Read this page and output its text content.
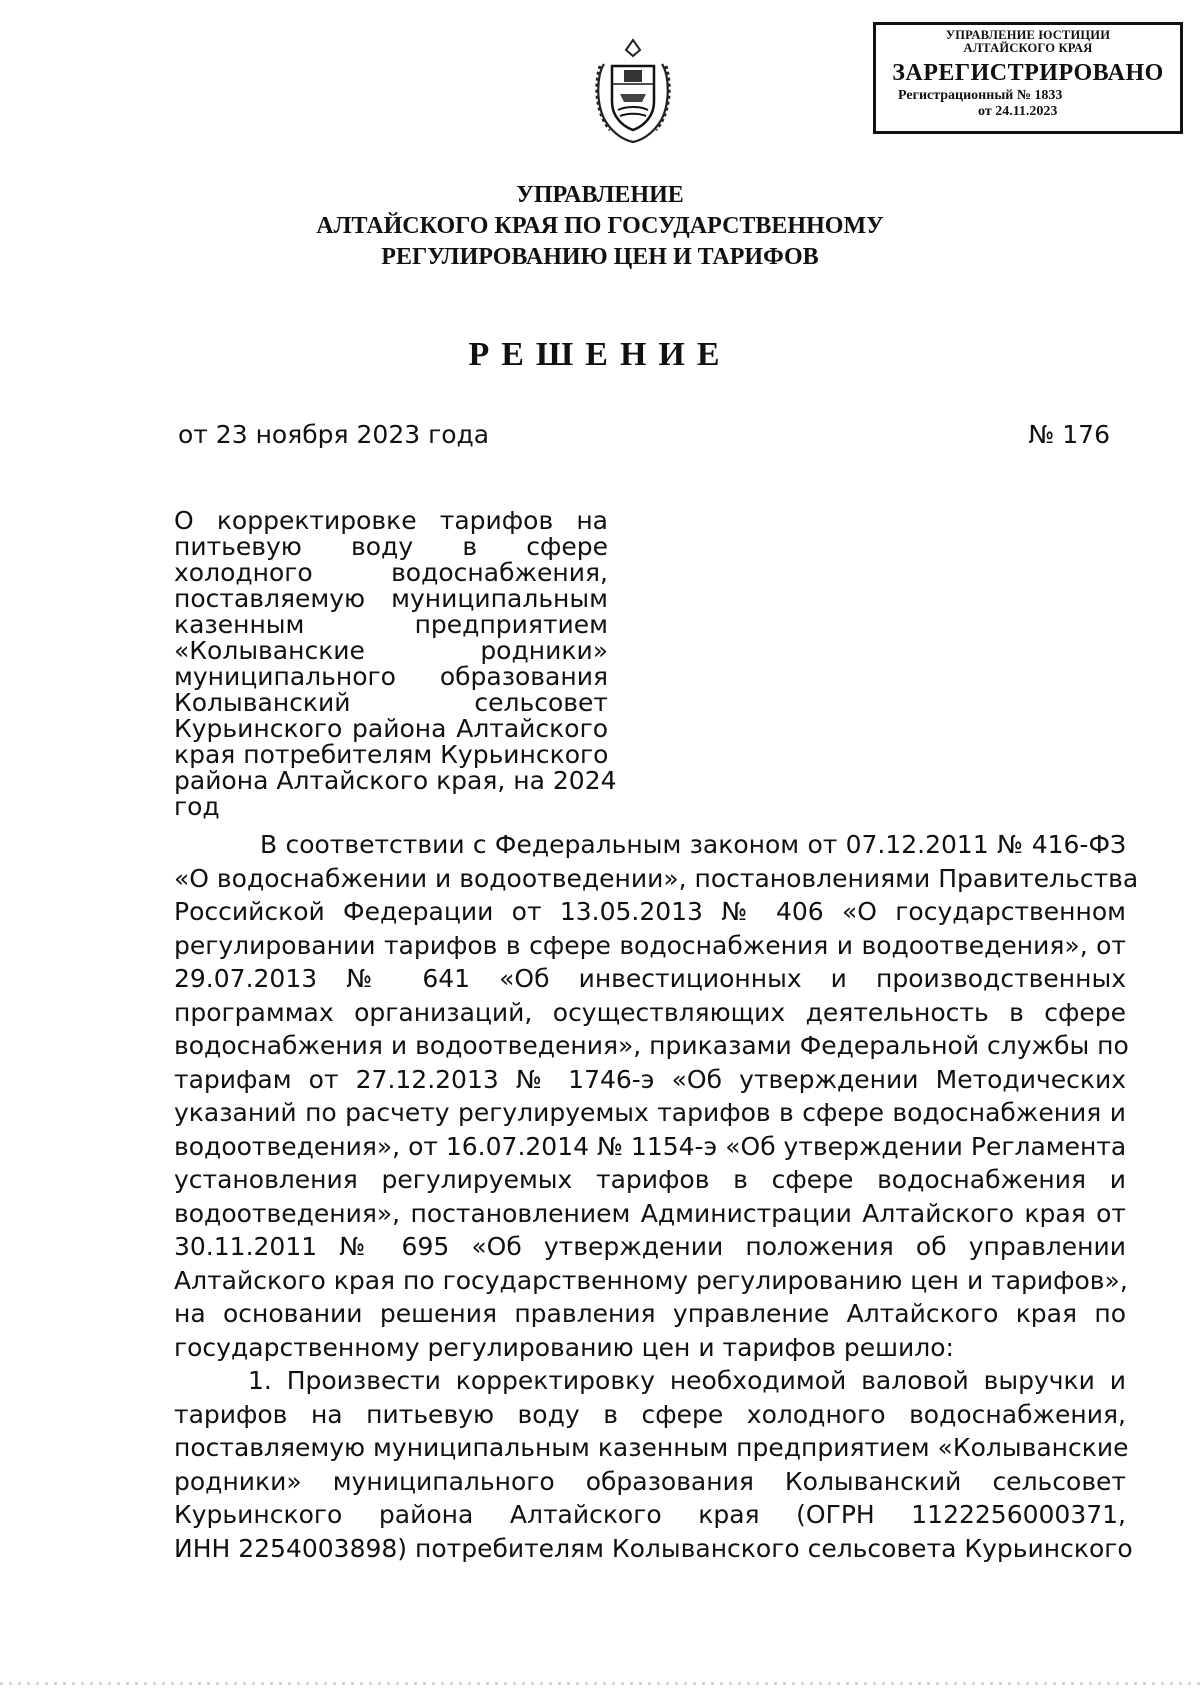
УПРАВЛЕНИЕ ЮСТИЦИИ
АЛТАЙСКОГО КРАЯ
ЗАРЕГИСТРИРОВАНО
Регистрационный № 1833
от 24.11.2023
УПРАВЛЕНИЕ
АЛТАЙСКОГО КРАЯ ПО ГОСУДАРСТВЕННОМУ
РЕГУЛИРОВАНИЮ ЦЕН И ТАРИФОВ
РЕШЕНИЕ
от 23 ноября 2023 года	№ 176
О корректировке тарифов на
питьевую воду в сфере
холодного водоснабжения,
поставляемую муниципальным
казенным предприятием
«Колыванские родники»
муниципального образования
Колыванский сельсовет
Курьинского района Алтайского
края потребителям Курьинского
района Алтайского края, на 2024
год
В соответствии с Федеральным законом от 07.12.2011 № 416-ФЗ
«О водоснабжении и водоотведении», постановлениями Правительства
Российской Федерации от 13.05.2013 № 406 «О государственном
регулировании тарифов в сфере водоснабжения и водоотведения», от
29.07.2013 № 641 «Об инвестиционных и производственных
программах организаций, осуществляющих деятельность в сфере
водоснабжения и водоотведения», приказами Федеральной службы по
тарифам от 27.12.2013 № 1746-э «Об утверждении Методических
указаний по расчету регулируемых тарифов в сфере водоснабжения и
водоотведения», от 16.07.2014 № 1154-э «Об утверждении Регламента
установления регулируемых тарифов в сфере водоснабжения и
водоотведения», постановлением Администрации Алтайского края от
30.11.2011 № 695 «Об утверждении положения об управлении
Алтайского края по государственному регулированию цен и тарифов»,
на основании решения правления управление Алтайского края по
государственному регулированию цен и тарифов решило:
1. Произвести корректировку необходимой валовой выручки и
тарифов на питьевую воду в сфере холодного водоснабжения,
поставляемую муниципальным казенным предприятием «Колыванские
родники» муниципального образования Колыванский сельсовет
Курьинского района Алтайского края (ОГРН 1122256000371,
ИНН 2254003898) потребителям Колыванского сельсовета Курьинского
